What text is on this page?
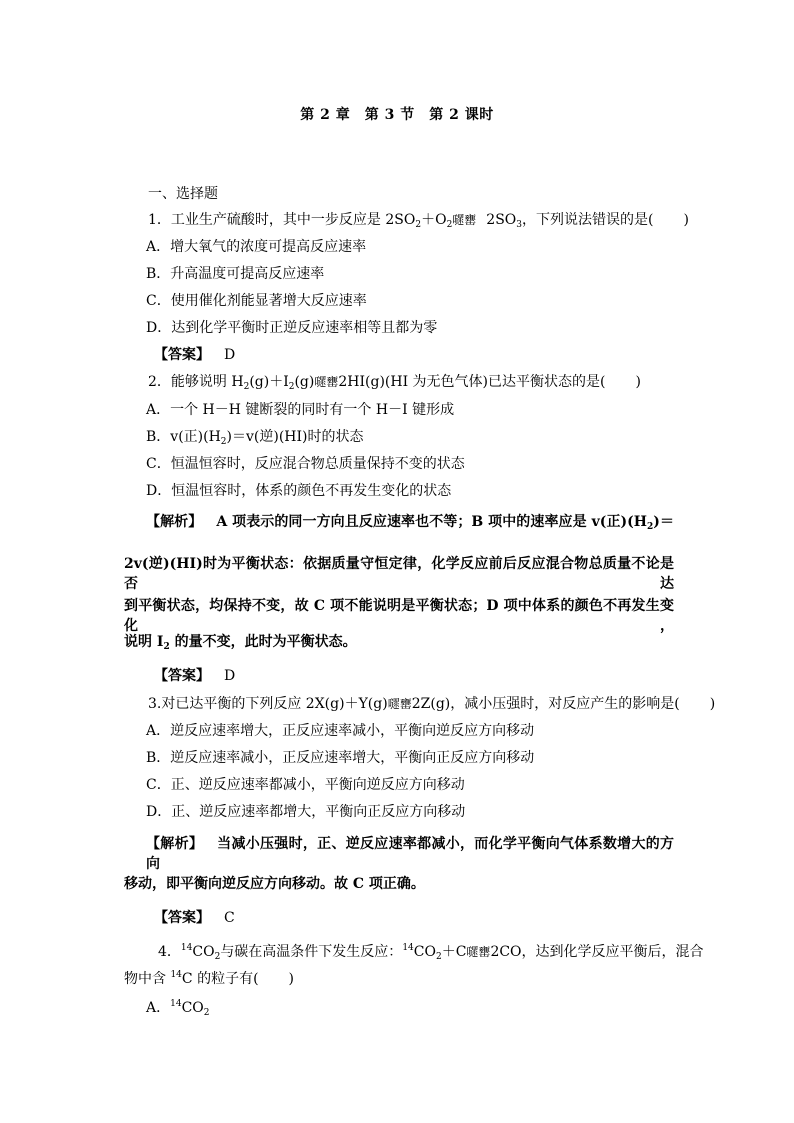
第 2 章　第 3 节　第 2 课时
一、选择题
1．工业生产硫酸时，其中一步反应是 $2SO_2+O_2$嚃罋 $2SO_3$，下列说法错误的是( )
A．增大氧气的浓度可提高反应速率
B．升高温度可提高反应速率
C．使用催化剂能显著增大反应速率
D．达到化学平衡时正逆反应速率相等且都为零
【答案】 D
2．能够说明 $H_2(g)+I_2(g)$嚃罋2HI(g)(HI 为无色气体)已达平衡状态的是( )
A．一个 H－H 键断裂的同时有一个 H－I 键形成
B．v(正)$(H_2)=v$(逆)(HI)时的状态
C．恒温恒容时，反应混合物总质量保持不变的状态
D．恒温恒容时，体系的颜色不再发生变化的状态
【解析】 A 项表示的同一方向且反应速率也不等；B 项中的速率应是 v(正)$(H_2)=$
2v(逆)(HI)时为平衡状态：依据质量守恒定律，化学反应前后反应混合物总质量不论是否达
到平衡状态，均保持不变，故 C 项不能说明是平衡状态；D 项中体系的颜色不再发生变化，
说明 $I_2$ 的量不变，此时为平衡状态。
【答案】 D
3.对已达平衡的下列反应 2X(g)＋Y(g)嚃罋2Z(g)，减小压强时，对反应产生的影响是( )
A．逆反应速率增大，正反应速率减小，平衡向逆反应方向移动
B．逆反应速率减小，正反应速率增大，平衡向正反应方向移动
C．正、逆反应速率都减小，平衡向逆反应方向移动
D．正、逆反应速率都增大，平衡向正反应方向移动
【解析】 当减小压强时，正、逆反应速率都减小，而化学平衡向气体系数增大的方向
移动，即平衡向逆反应方向移动。故 C 项正确。
【答案】 C
4．$^{14}CO_2$与碳在高温条件下发生反应：$^{14}CO_2+C$嚃罋2CO，达到化学反应平衡后，混合
物中含 $^{14}$C 的粒子有( )
A．$^{14}CO_2$
